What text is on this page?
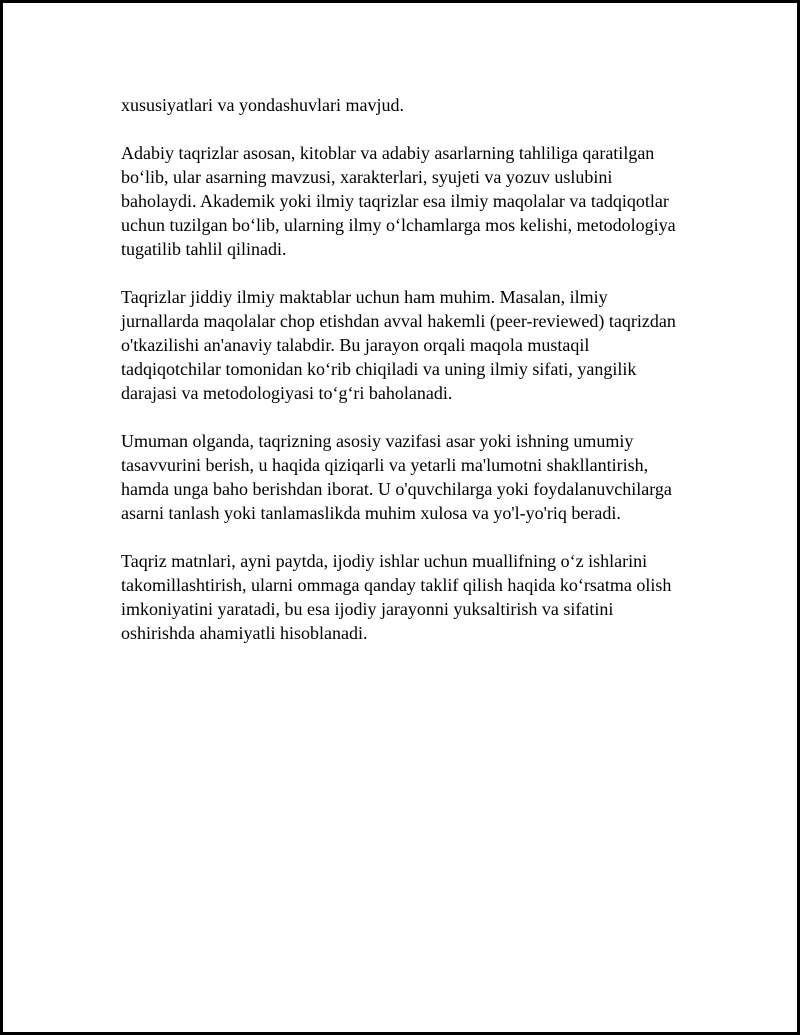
xususiyatlari va yondashuvlari mavjud.

Adabiy taqrizlar asosan, kitoblar va adabiy asarlarning tahliliga qaratilgan
bo‘lib, ular asarning mavzusi, xarakterlari, syujeti va yozuv uslubini
baholaydi. Akademik yoki ilmiy taqrizlar esa ilmiy maqolalar va tadqiqotlar
uchun tuzilgan bo‘lib, ularning ilmy o‘lchamlarga mos kelishi, metodologiya
tugatilib tahlil qilinadi.

Taqrizlar jiddiy ilmiy maktablar uchun ham muhim. Masalan, ilmiy
jurnallarda maqolalar chop etishdan avval hakemli (peer-reviewed) taqrizdan
o'tkazilishi an'anaviy talabdir. Bu jarayon orqali maqola mustaqil
tadqiqotchilar tomonidan ko‘rib chiqiladi va uning ilmiy sifati, yangilik
darajasi va metodologiyasi to‘g‘ri baholanadi.

Umuman olganda, taqrizning asosiy vazifasi asar yoki ishning umumiy
tasavvurini berish, u haqida qiziqarli va yetarli ma'lumotni shakllantirish,
hamda unga baho berishdan iborat. U o'quvchilarga yoki foydalanuvchilarga
asarni tanlash yoki tanlamaslikda muhim xulosa va yo'l-yo'riq beradi.

Taqriz matnlari, ayni paytda, ijodiy ishlar uchun muallifning o‘z ishlarini
takomillashtirish, ularni ommaga qanday taklif qilish haqida ko‘rsatma olish
imkoniyatini yaratadi, bu esa ijodiy jarayonni yuksaltirish va sifatini
oshirishda ahamiyatli hisoblanadi.
